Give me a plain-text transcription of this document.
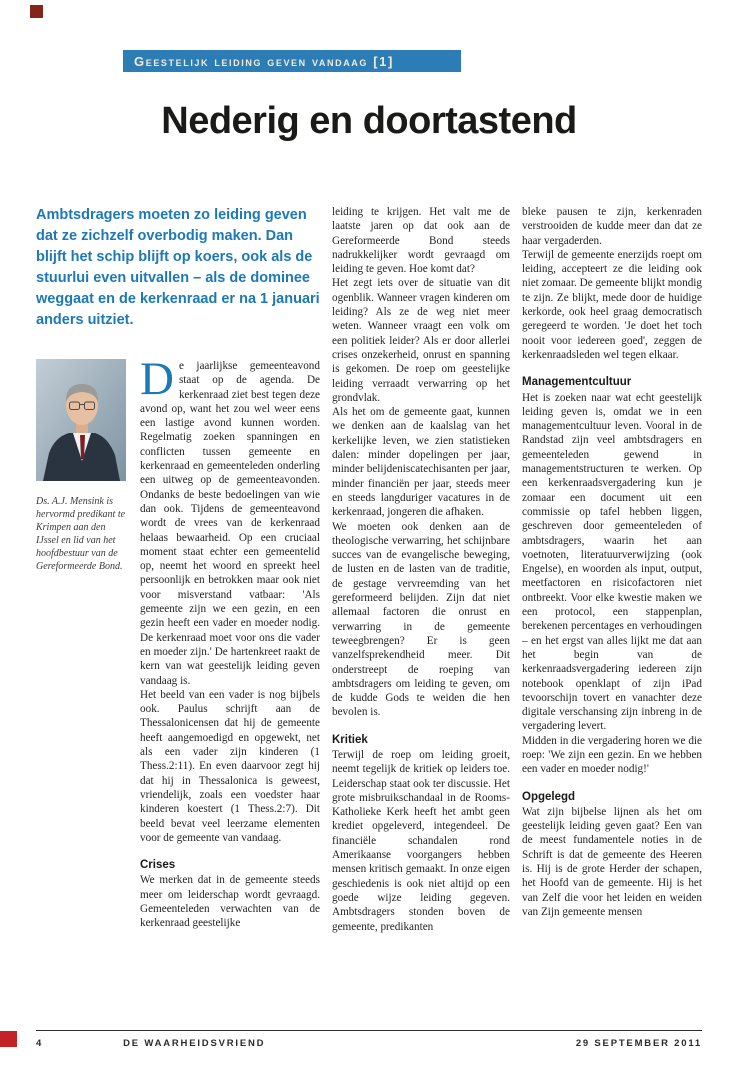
Geestelijk leiding geven vandaag [1]
Nederig en doortastend

Ambtsdragers moeten zo leiding geven dat ze zichzelf overbodig maken. Dan blijft het schip blijft op koers, ook als de stuurlui even uitvallen – als de dominee weggaat en de kerkenraad er na 1 januari anders uitziet.

Ds. A.J. Mensink is hervormd predikant te Krimpen aan den IJssel en lid van het hoofdbestuur van de Gereformeerde Bond.

De jaarlijkse gemeenteavond staat op de agenda. De kerkenraad ziet best tegen deze avond op, want het zou wel weer eens een lastige avond kunnen worden. Regelmatig zoeken spanningen en conflicten tussen gemeente en kerkenraad en gemeenteleden onderling een uitweg op de gemeenteavonden. Ondanks de beste bedoelingen van wie dan ook. Tijdens de gemeenteavond wordt de vrees van de kerkenraad helaas bewaarheid. Op een cruciaal moment staat echter een gemeentelid op, neemt het woord en spreekt heel persoonlijk en betrokken maar ook niet voor misverstand vatbaar: 'Als gemeente zijn we een gezin, en een gezin heeft een vader en moeder nodig. De kerkenraad moet voor ons die vader en moeder zijn.' De hartenkreet raakt de kern van wat geestelijk leiding geven vandaag is.

Het beeld van een vader is nog bijbels ook. Paulus schrijft aan de Thessalonicensen dat hij de gemeente heeft aangemoedigd en opgewekt, net als een vader zijn kinderen (1 Thess.2:11). En even daarvoor zegt hij dat hij in Thessalonica is geweest, vriendelijk, zoals een voedster haar kinderen koestert (1 Thess.2:7). Dit beeld bevat veel leerzame elementen voor de gemeente van vandaag.

Crises

We merken dat in de gemeente steeds meer om leiderschap wordt gevraagd. Gemeenteleden verwachten van de kerkenraad geestelijke

leiding te krijgen. Het valt me de laatste jaren op dat ook aan de Gereformeerde Bond steeds nadrukkelijker wordt gevraagd om leiding te geven. Hoe komt dat?

Het zegt iets over de situatie van dit ogenblik. Wanneer vragen kinderen om leiding? Als ze de weg niet meer weten. Wanneer vraagt een volk om een politiek leider? Als er door allerlei crises onzekerheid, onrust en spanning is gekomen. De roep om geestelijke leiding verraadt verwarring op het grondvlak.

Als het om de gemeente gaat, kunnen we denken aan de kaalslag van het kerkelijke leven, we zien statistieken dalen: minder dopelingen per jaar, minder belijdeniscatechisanten per jaar, minder financiën per jaar, steeds meer en steeds langduriger vacatures in de kerkenraad, jongeren die afhaken.

We moeten ook denken aan de theologische verwarring, het schijnbare succes van de evangelische beweging, de lusten en de lasten van de traditie, de gestage vervreemding van het gereformeerd belijden. Zijn dat niet allemaal factoren die onrust en verwarring in de gemeente teweegbrengen? Er is geen vanzelfsprekendheid meer. Dit onderstreept de roeping van ambtsdragers om leiding te geven, om de kudde Gods te weiden die hen bevolen is.

Kritiek

Terwijl de roep om leiding groeit, neemt tegelijk de kritiek op leiders toe. Leiderschap staat ook ter discussie. Het grote misbruikschandaal in de Rooms-Katholieke Kerk heeft het ambt geen krediet opgeleverd, integendeel. De financiële schandalen rond Amerikaanse voorgangers hebben mensen kritisch gemaakt. In onze eigen geschiedenis is ook niet altijd op een goede wijze leiding gegeven. Ambtsdragers stonden boven de gemeente, predikanten

bleke pausen te zijn, kerkenraden verstrooiden de kudde meer dan dat ze haar vergaderden.

Terwijl de gemeente enerzijds roept om leiding, accepteert ze die leiding ook niet zomaar. De gemeente blijkt mondig te zijn. Ze blijkt, mede door de huidige kerkorde, ook heel graag democratisch geregeerd te worden. 'Je doet het toch nooit voor iedereen goed', zeggen de kerkenraadsleden wel tegen elkaar.

Managementcultuur

Het is zoeken naar wat echt geestelijk leiding geven is, omdat we in een managementcultuur leven. Vooral in de Randstad zijn veel ambtsdragers en gemeenteleden gewend in managementstructuren te werken. Op een kerkenraadsvergadering kun je zomaar een document uit een commissie op tafel hebben liggen, geschreven door gemeenteleden of ambtsdragers, waarin het aan voetnoten, literatuurverwijzing (ook Engelse), en woorden als input, output, meetfactoren en risicofactoren niet ontbreekt. Voor elke kwestie maken we een protocol, een stappenplan, berekenen percentages en verhoudingen – en het ergst van alles lijkt me dat aan het begin van de kerkenraadsvergadering iedereen zijn notebook openklapt of zijn iPad tevoorschijn tovert en vanachter deze digitale verschansing zijn inbreng in de vergadering levert.

Midden in die vergadering horen we die roep: 'We zijn een gezin. En we hebben een vader en moeder nodig!'

Opgelegd

Wat zijn bijbelse lijnen als het om geestelijk leiding geven gaat? Een van de meest fundamentele noties in de Schrift is dat de gemeente des Heeren is. Hij is de grote Herder der schapen, het Hoofd van de gemeente. Hij is het van Zelf die voor het leiden en weiden van Zijn gemeente mensen

4	DE WAARHEIDSVRIEND	29 SEPTEMBER 2011
